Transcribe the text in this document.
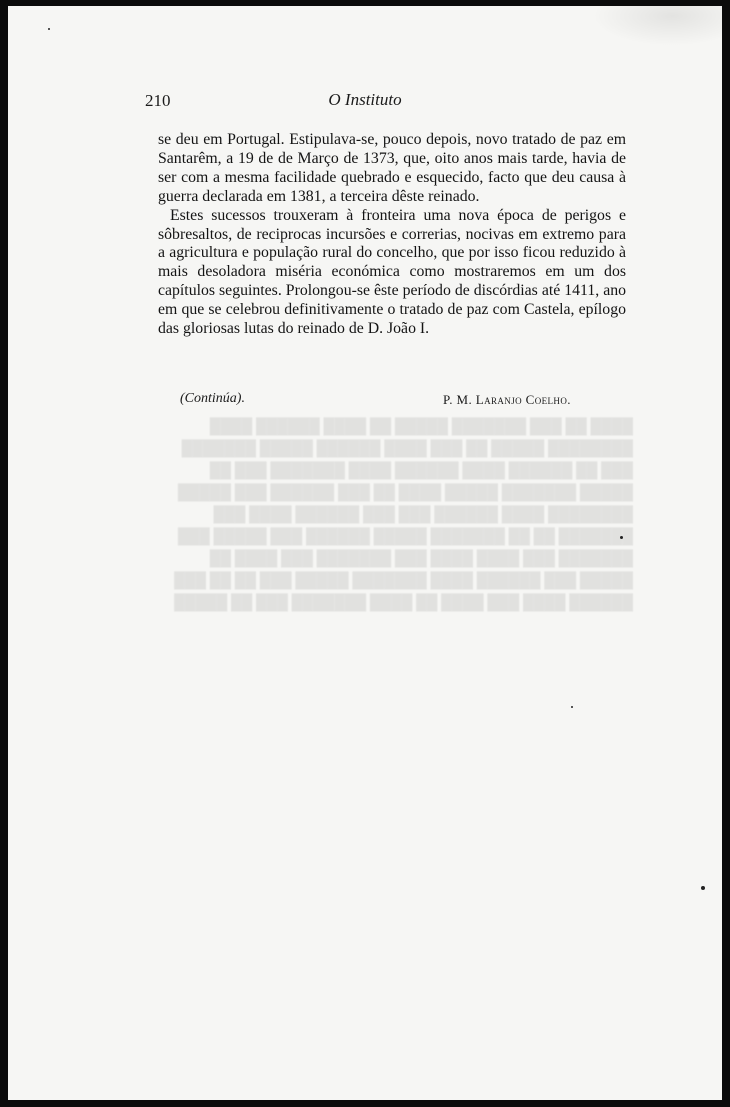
████ ██ ███ ███████ █████ ██ ████ ██████ ████ ████████ █████ ██ ███ ████ ██████ █████ ███████ ███ ██ ██████ ████ ██████ ████ ███████ ███ ██ █████ ███████ █████ ████ ██ ███ ██████ ███ █████ ████████ ████ ██████ ███ ███ ██████ ████ ███ ███████ ██ ██ ███████ █████ ██████ ███ █████ ███ ███████ ███ ████ ████ ███ ███████ ███ ████ ██ █████ ███ ██████ ████ ███████ █████ ███ ██ ██ ███ ██████ ████ ███ ████ ██ ████ ███████ ███ ██ █████
210	O Instituto

se deu em Portugal. Estipulava-se, pouco depois, novo tratado de paz em Santarêm, a 19 de de Março de 1373, que, oito anos mais tarde, havia de ser com a mesma facilidade quebrado e esquecido, facto que deu causa à guerra declarada em 1381, a terceira dêste reinado.

Estes sucessos trouxeram à fronteira uma nova época de perigos e sôbresaltos, de reciprocas incursões e correrias, nocivas em extremo para a agricultura e população rural do concelho, que por isso ficou reduzido à mais desoladora miséria económica como mostraremos em um dos capítulos seguintes. Prolongou-se êste período de discórdias até 1411, ano em que se celebrou definitivamente o tratado de paz com Castela, epílogo das gloriosas lutas do reinado de D. João I.

(Continúa).	P. M. Laranjo Coelho.
